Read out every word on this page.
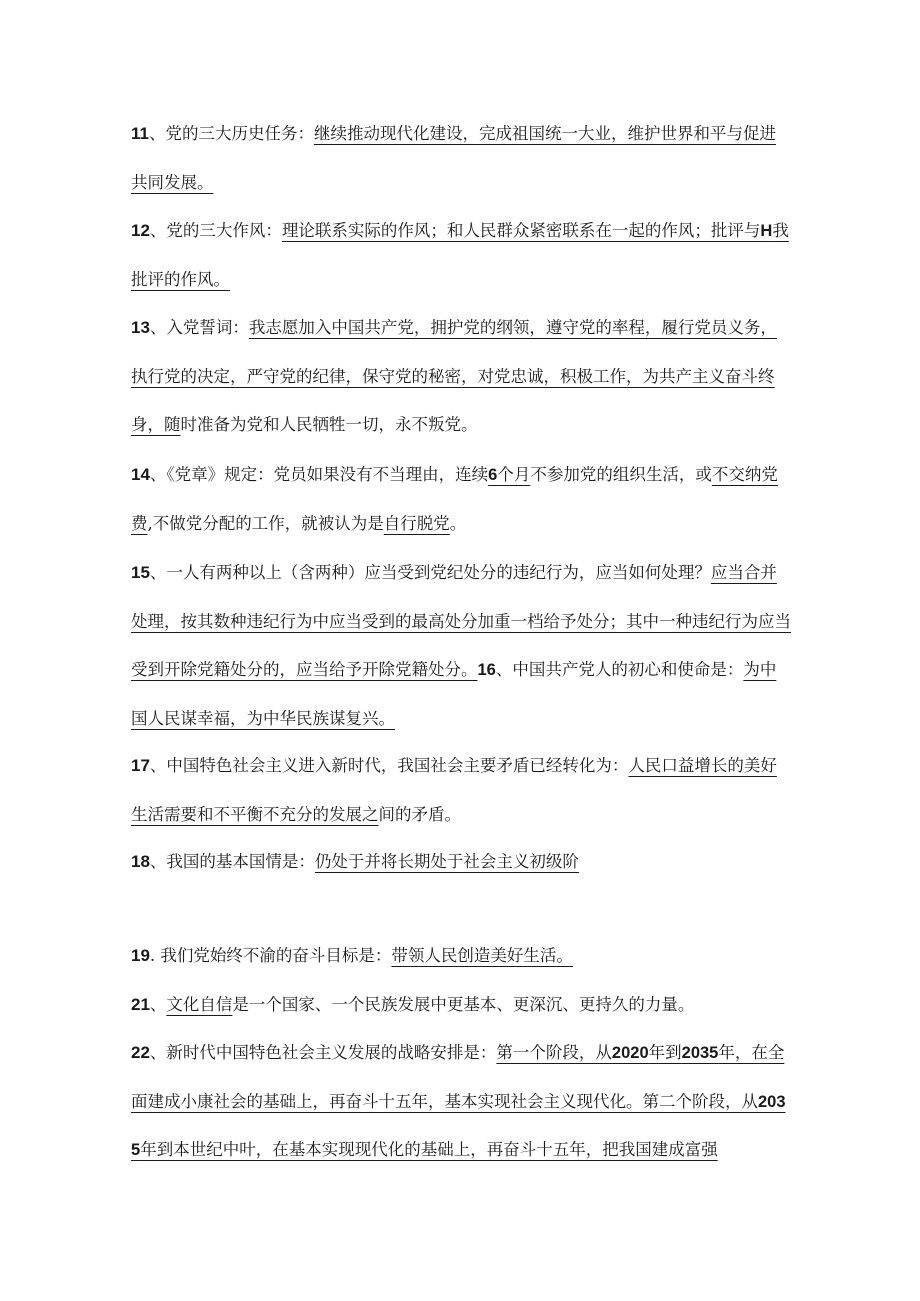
11、党的三大历史任务：继续推动现代化建设，完成祖国统一大业，维护世界和平与促进共同发展。
12、党的三大作风：理论联系实际的作风；和人民群众紧密联系在一起的作风；批评与H我批评的作风。
13、入党誓词：我志愿加入中国共产党，拥护党的纲领，遵守党的率程，履行党员义务，执行党的决定，严守党的纪律，保守党的秘密，对党忠诚，积极工作，为共产主义奋斗终身，随时准备为党和人民牺牲一切，永不叛党。
14、《党章》规定：党员如果没有不当理由，连续6个月不参加党的组织生活，或不交纳党费,不做党分配的工作，就被认为是自行脱党。
15、一人有两种以上（含两种）应当受到党纪处分的违纪行为，应当如何处理？应当合并处理，按其数种违纪行为中应当受到的最高处分加重一档给予处分；其中一种违纪行为应当受到开除党籍处分的，应当给予开除党籍处分。16、中国共产党人的初心和使命是：为中国人民谋幸福，为中华民族谋复兴。
17、中国特色社会主义进入新时代，我国社会主要矛盾已经转化为：人民口益增长的美好生活需要和不平衡不充分的发展之间的矛盾。
18、我国的基本国情是：仍处于并将长期处于社会主义初级阶
19. 我们党始终不渝的奋斗目标是：带领人民创造美好生活。
21、文化自信是一个国家、一个民族发展中更基本、更深沉、更持久的力量。
22、新时代中国特色社会主义发展的战略安排是：第一个阶段，从2020年到2035年，在全面建成小康社会的基础上，再奋斗十五年，基本实现社会主义现代化。第二个阶段，从2035年到本世纪中叶，在基本实现现代化的基础上，再奋斗十五年，把我国建成富强
